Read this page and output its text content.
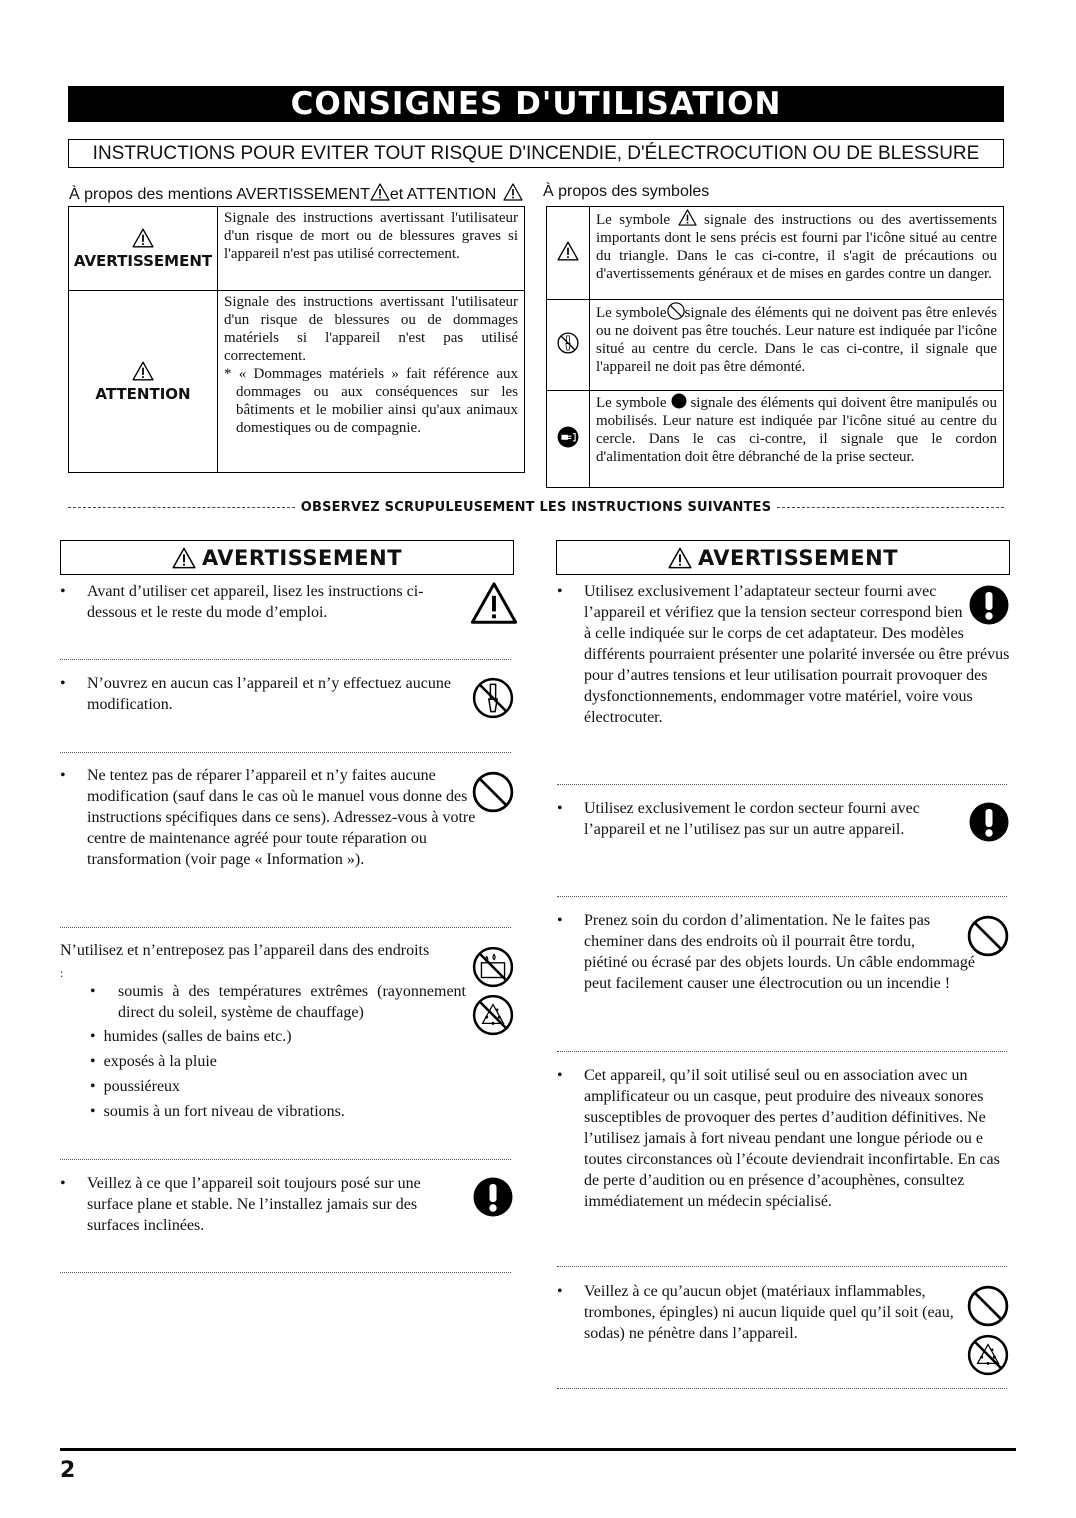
CONSIGNES D'UTILISATION
INSTRUCTIONS POUR EVITER TOUT RISQUE D'INCENDIE, D'ÉLECTROCUTION OU DE BLESSURE
À propos des mentions AVERTISSEMENT et ATTENTION

AVERTISSEMENT	Signale des instructions avertissant l'utilisateur d'un risque de mort ou de blessures graves si l'appareil n'est pas utilisé correctement.

ATTENTION	Signale des instructions avertissant l'utilisateur d'un risque de blessures ou de dommages matériels si l'appareil n'est pas utilisé correctement.
* « Dommages matériels » fait référence aux dommages ou aux conséquences sur les bâtiments et le mobilier ainsi qu'aux animaux domestiques ou de compagnie.
À propos des symboles
	Le symbole signale des instructions ou des avertissements importants dont le sens précis est fourni par l'icône situé au centre du triangle. Dans le cas ci-contre, il s'agit de précautions ou d'avertissements généraux et de mises en gardes contre un danger.
	Le symbole signale des éléments qui ne doivent pas être enlevés ou ne doivent pas être touchés. Leur nature est indiquée par l'icône situé au centre du cercle. Dans le cas ci-contre, il signale que l'appareil ne doit pas être démonté.
	Le symbole signale des éléments qui doivent être manipulés ou mobilisés. Leur nature est indiquée par l'icône situé au centre du cercle. Dans le cas ci-contre, il signale que le cordon d'alimentation doit être débranché de la prise secteur.
OBSERVEZ SCRUPULEUSEMENT LES INSTRUCTIONS SUIVANTES
AVERTISSEMENT
• Avant d’utiliser cet appareil, lisez les instructions ci-dessous et le reste du mode d’emploi.
• N’ouvrez en aucun cas l’appareil et n’y effectuez aucune modification.
• Ne tentez pas de réparer l’appareil et n’y faites aucune modification (sauf dans le cas où le manuel vous donne des instructions spécifiques dans ce sens). Adressez-vous à votre centre de maintenance agréé pour toute réparation ou transformation (voir page « Information »).
N’utilisez et n’entreposez pas l’appareil dans des endroits :
•	soumis à des températures extrêmes (rayonnement direct du soleil, système de chauffage)
• humides (salles de bains etc.)
• exposés à la pluie
• poussiéreux
• soumis à un fort niveau de vibrations.
• Veillez à ce que l’appareil soit toujours posé sur une surface plane et stable. Ne l’installez jamais sur des surfaces inclinées.
AVERTISSEMENT
• Utilisez exclusivement l’adaptateur secteur fourni avec l’appareil et vérifiez que la tension secteur correspond bien à celle indiquée sur le corps de cet adaptateur. Des modèles différents pourraient présenter une polarité inversée ou être prévus pour d’autres tensions et leur utilisation pourrait provoquer des dysfonctionnements, endommager votre matériel, voire vous électrocuter.
• Utilisez exclusivement le cordon secteur fourni avec l’appareil et ne l’utilisez pas sur un autre appareil.
• Prenez soin du cordon d’alimentation. Ne le faites pas cheminer dans des endroits où il pourrait être tordu, piétiné ou écrasé par des objets lourds. Un câble endommagé peut facilement causer une électrocution ou un incendie !
• Cet appareil, qu’il soit utilisé seul ou en association avec un amplificateur ou un casque, peut produire des niveaux sonores susceptibles de provoquer des pertes d’audition définitives. Ne l’utilisez jamais à fort niveau pendant une longue période ou e toutes circonstances où l’écoute deviendrait inconfirtable. En cas de perte d’audition ou en présence d’acouphènes, consultez immédiatement un médecin spécialisé.
• Veillez à ce qu’aucun objet (matériaux inflammables, trombones, épingles) ni aucun liquide quel qu’il soit (eau, sodas) ne pénètre dans l’appareil.
2
